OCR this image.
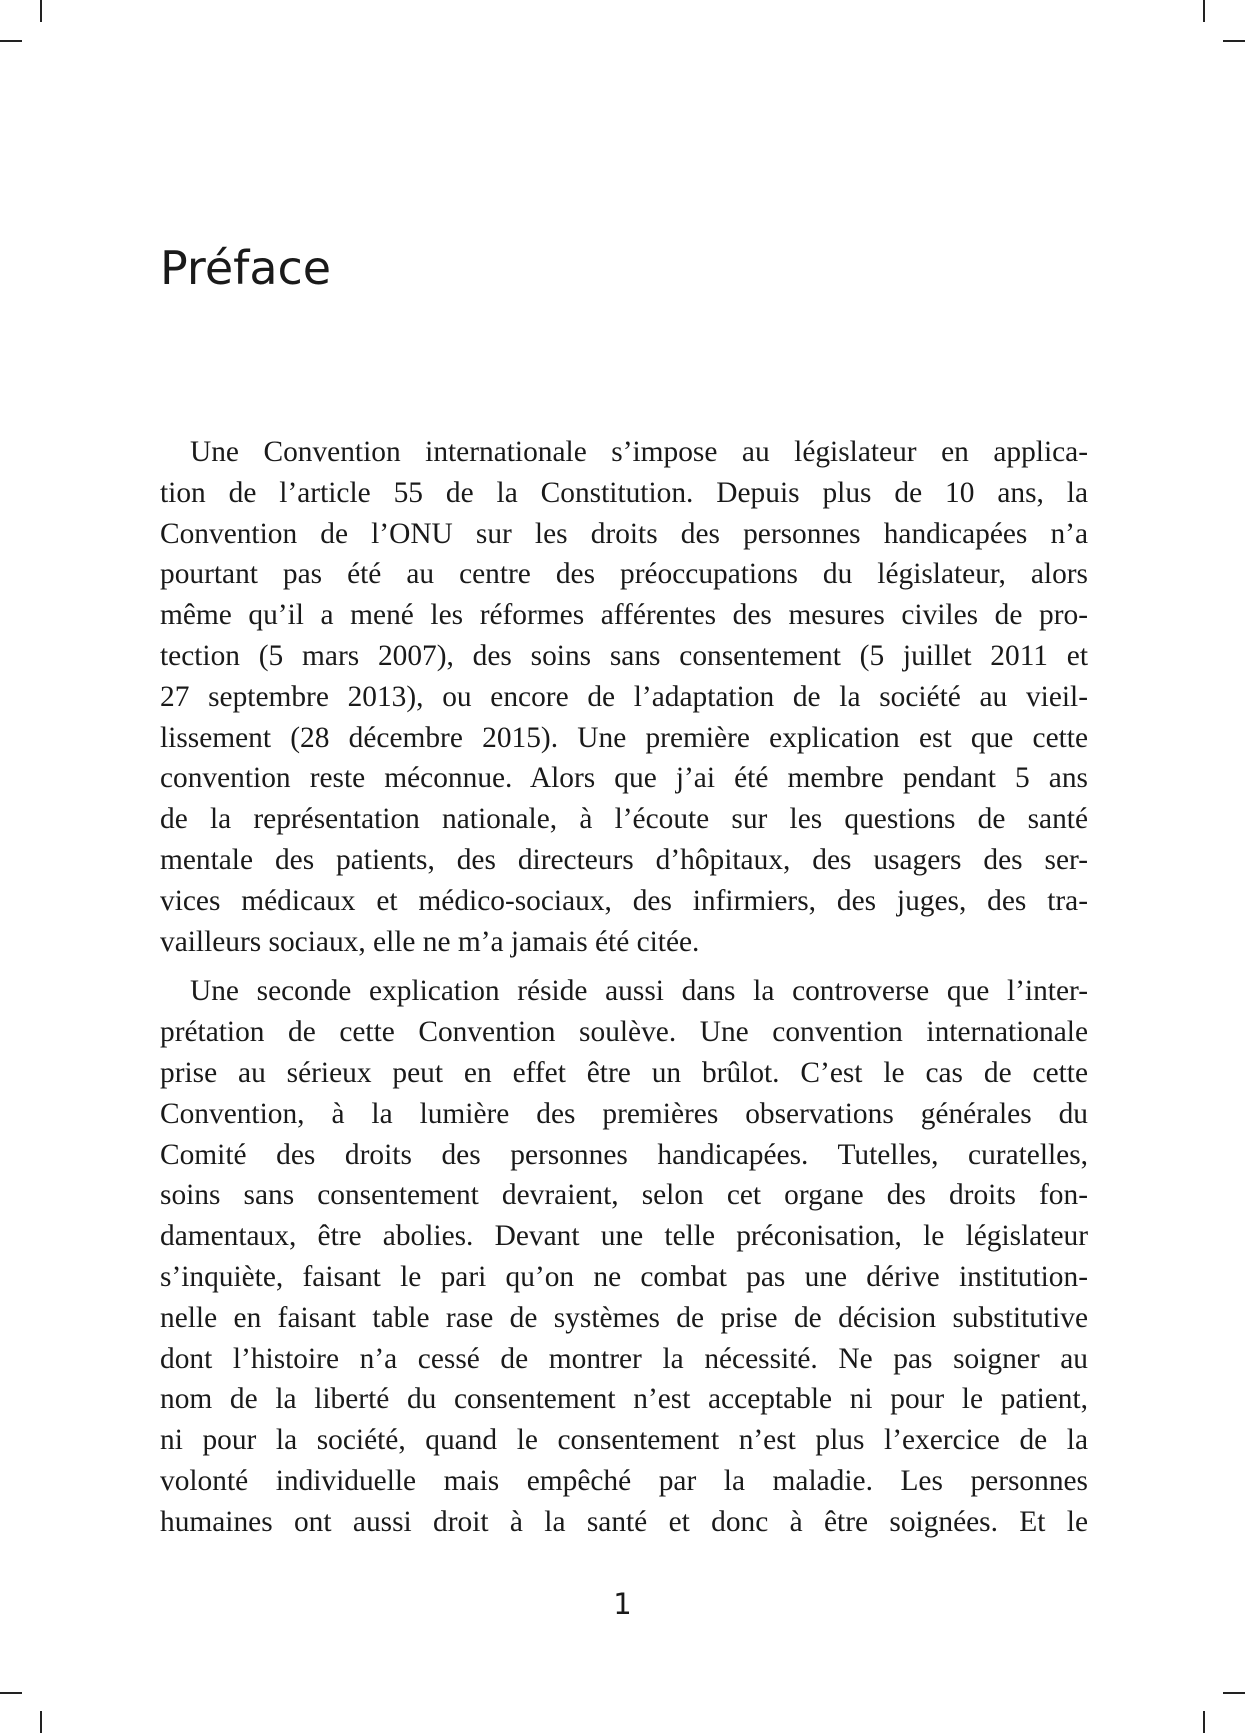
Préface

Une Convention internationale s’impose au législateur en applica-
tion de l’article 55 de la Constitution. Depuis plus de 10 ans, la
Convention de l’ONU sur les droits des personnes handicapées n’a
pourtant pas été au centre des préoccupations du législateur, alors
même qu’il a mené les réformes afférentes des mesures civiles de pro-
tection (5 mars 2007), des soins sans consentement (5 juillet 2011 et
27 septembre 2013), ou encore de l’adaptation de la société au vieil-
lissement (28 décembre 2015). Une première explication est que cette
convention reste méconnue. Alors que j’ai été membre pendant 5 ans
de la représentation nationale, à l’écoute sur les questions de santé
mentale des patients, des directeurs d’hôpitaux, des usagers des ser-
vices médicaux et médico-sociaux, des infirmiers, des juges, des tra-
vailleurs sociaux, elle ne m’a jamais été citée.

Une seconde explication réside aussi dans la controverse que l’inter-
prétation de cette Convention soulève. Une convention internationale
prise au sérieux peut en effet être un brûlot. C’est le cas de cette
Convention, à la lumière des premières observations générales du
Comité des droits des personnes handicapées. Tutelles, curatelles,
soins sans consentement devraient, selon cet organe des droits fon-
damentaux, être abolies. Devant une telle préconisation, le législateur
s’inquiète, faisant le pari qu’on ne combat pas une dérive institution-
nelle en faisant table rase de systèmes de prise de décision substitutive
dont l’histoire n’a cessé de montrer la nécessité. Ne pas soigner au
nom de la liberté du consentement n’est acceptable ni pour le patient,
ni pour la société, quand le consentement n’est plus l’exercice de la
volonté individuelle mais empêché par la maladie. Les personnes
humaines ont aussi droit à la santé et donc à être soignées. Et le

1
